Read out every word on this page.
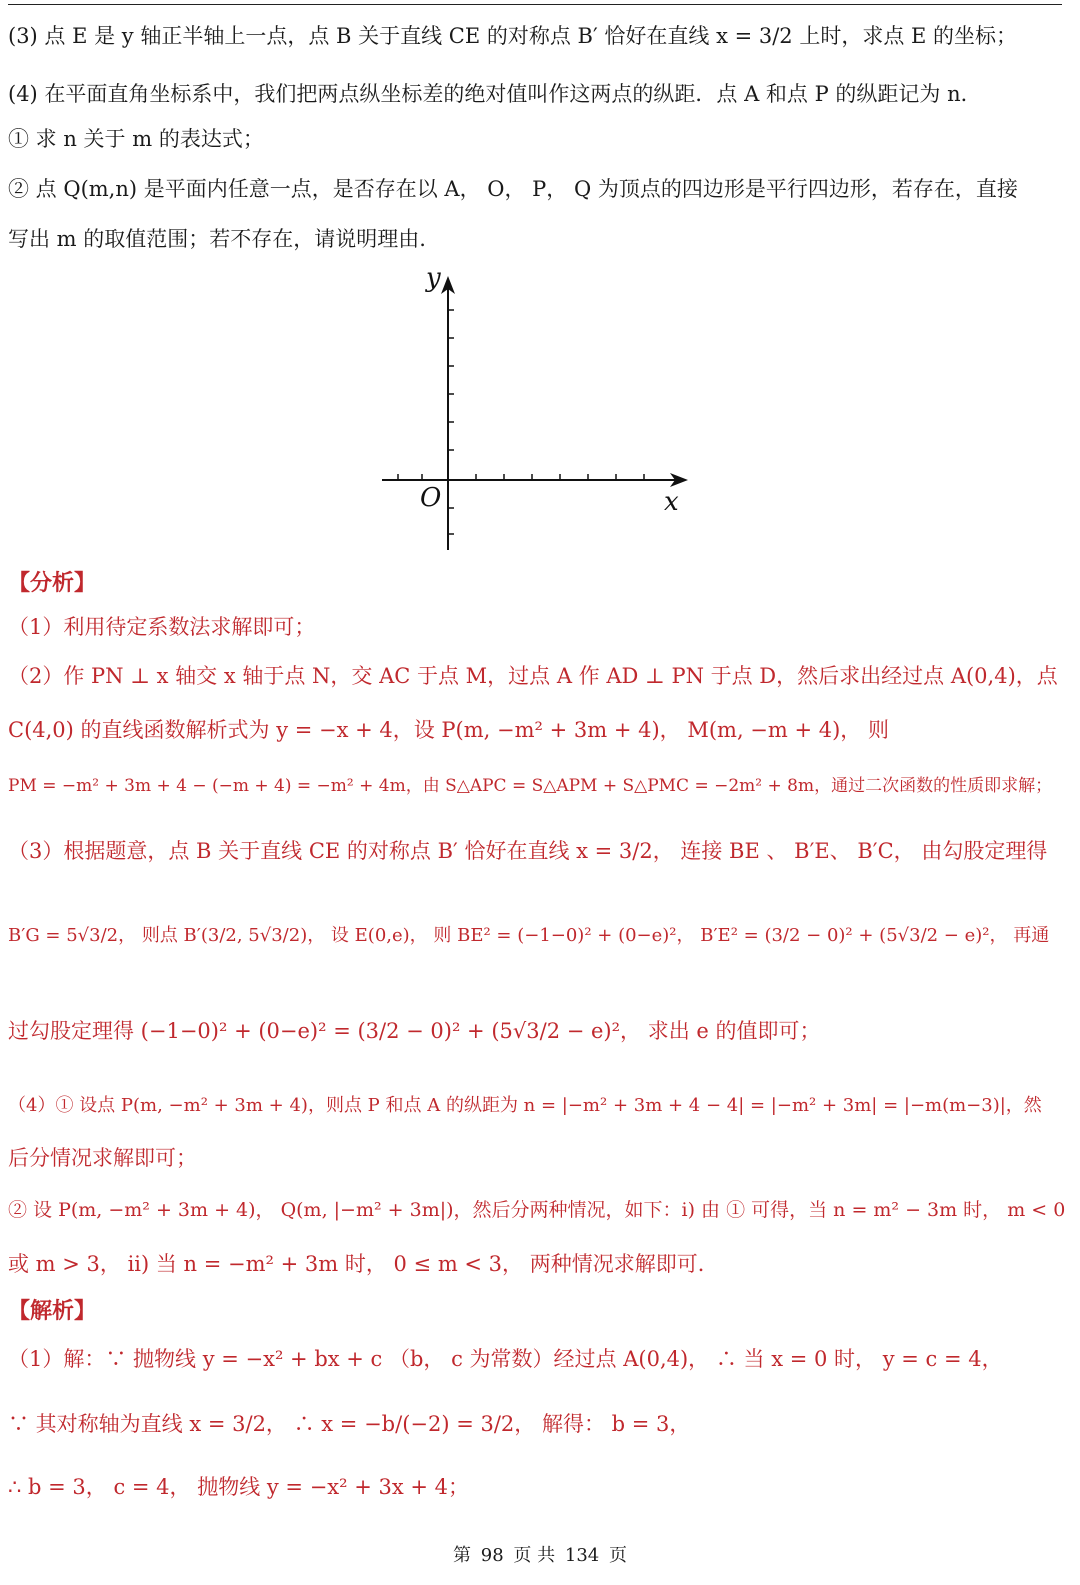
(3) 点 E 是 y 轴正半轴上一点，点 B 关于直线 CE 的对称点 B′ 恰好在直线 x = 3/2 上时，求点 E 的坐标；
(4) 在平面直角坐标系中，我们把两点纵坐标差的绝对值叫作这两点的纵距．点 A 和点 P 的纵距记为 n．
① 求 n 关于 m 的表达式；
② 点 Q(m,n) 是平面内任意一点，是否存在以 A， O， P， Q 为顶点的四边形是平行四边形，若存在，直接
写出 m 的取值范围；若不存在，请说明理由.
y
x
O
【分析】
（1）利用待定系数法求解即可；
（2）作 PN ⊥ x 轴交 x 轴于点 N，交 AC 于点 M，过点 A 作 AD ⊥ PN 于点 D，然后求出经过点 A(0,4)，点
C(4,0) 的直线函数解析式为 y = −x + 4，设 P(m, −m² + 3m + 4)， M(m, −m + 4)， 则
PM = −m² + 3m + 4 − (−m + 4) = −m² + 4m，由 S△APC = S△APM + S△PMC = −2m² + 8m，通过二次函数的性质即求解；
（3）根据题意，点 B 关于直线 CE 的对称点 B′ 恰好在直线 x = 3/2， 连接 BE 、 B′E、 B′C， 由勾股定理得
B′G = 5√3/2， 则点 B′(3/2, 5√3/2)， 设 E(0,e)， 则 BE² = (−1−0)² + (0−e)²， B′E² = (3/2 − 0)² + (5√3/2 − e)²， 再通
过勾股定理得 (−1−0)² + (0−e)² = (3/2 − 0)² + (5√3/2 − e)²， 求出 e 的值即可；
（4）① 设点 P(m, −m² + 3m + 4)，则点 P 和点 A 的纵距为 n = |−m² + 3m + 4 − 4| = |−m² + 3m| = |−m(m−3)|，然
后分情况求解即可；
② 设 P(m, −m² + 3m + 4)， Q(m, |−m² + 3m|)，然后分两种情况，如下：i) 由 ① 可得，当 n = m² − 3m 时， m < 0
或 m > 3， ii) 当 n = −m² + 3m 时， 0 ≤ m < 3， 两种情况求解即可．
【解析】
（1）解：∵ 抛物线 y = −x² + bx + c （b， c 为常数）经过点 A(0,4)， ∴ 当 x = 0 时， y = c = 4，
∵ 其对称轴为直线 x = 3/2， ∴ x = −b/(−2) = 3/2， 解得： b = 3，
∴ b = 3， c = 4， 抛物线 y = −x² + 3x + 4；
第 98 页 共 134 页
